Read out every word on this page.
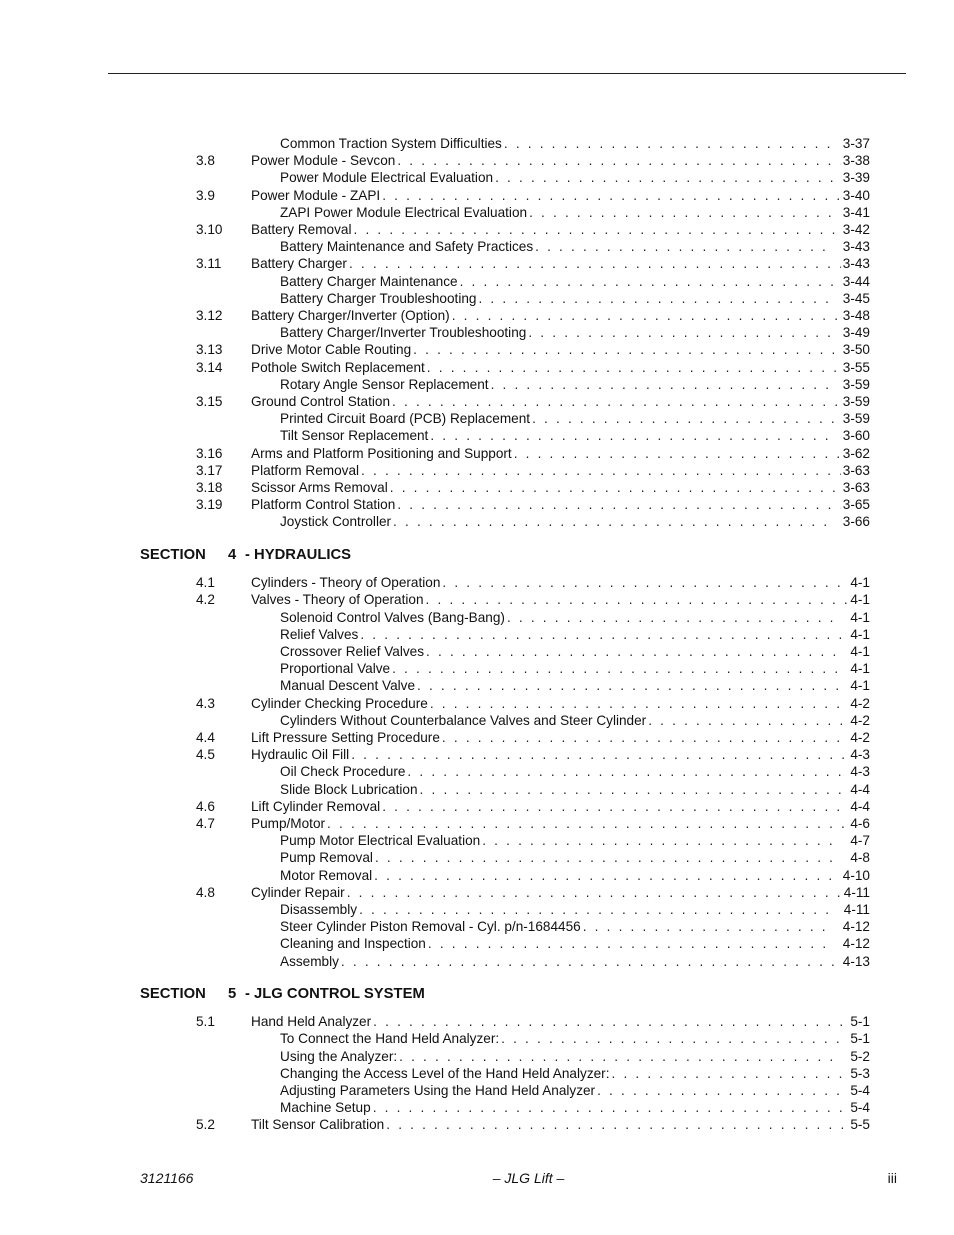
Common Traction System Difficulties . . .	3-37
3.8	Power Module - Sevcon . . .	3-38
Power Module Electrical Evaluation . . .	3-39
3.9	Power Module - ZAPI . . .	3-40
ZAPI Power Module Electrical Evaluation . . .	3-41
3.10 Battery Removal . . .	3-42
Battery Maintenance and Safety Practices . . .	3-43
3.11 Battery Charger . . .	3-43
Battery Charger Maintenance . . .	3-44
Battery Charger Troubleshooting . . .	3-45
3.12 Battery Charger/Inverter (Option) . . .	3-48
Battery Charger/Inverter Troubleshooting . . .	3-49
3.13 Drive Motor Cable Routing . . .	3-50
3.14 Pothole Switch Replacement . . .	3-55
Rotary Angle Sensor Replacement . . .	3-59
3.15 Ground Control Station . . .	3-59
Printed Circuit Board (PCB) Replacement . . .	3-59
Tilt Sensor Replacement . . .	3-60
3.16 Arms and Platform Positioning and Support . . .	3-62
3.17 Platform Removal . . .	3-63
3.18 Scissor Arms Removal . . .	3-63
3.19 Platform Control Station . . .	3-65
Joystick Controller . . .	3-66
SECTION 4 - HYDRAULICS
4.1	Cylinders - Theory of Operation . . .	4-1
4.2	Valves - Theory of Operation . . .	4-1
Solenoid Control Valves (Bang-Bang) . . .	4-1
Relief Valves . . .	4-1
Crossover Relief Valves . . .	4-1
Proportional Valve . . .	4-1
Manual Descent Valve . . .	4-1
4.3	Cylinder Checking Procedure . . .	4-2
Cylinders Without Counterbalance Valves and Steer Cylinder . . .	4-2
4.4	Lift Pressure Setting Procedure . . .	4-2
4.5	Hydraulic Oil Fill . . .	4-3
Oil Check Procedure . . .	4-3
Slide Block Lubrication . . .	4-4
4.6	Lift Cylinder Removal . . .	4-4
4.7	Pump/Motor . . .	4-6
Pump Motor Electrical Evaluation . . .	4-7
Pump Removal . . .	4-8
Motor Removal . . .	4-10
4.8	Cylinder Repair . . .	4-11
Disassembly . . .	4-11
Steer Cylinder Piston Removal - Cyl. p/n-1684456 . . .	4-12
Cleaning and Inspection . . .	4-12
Assembly . . .	4-13
SECTION 5 - JLG CONTROL SYSTEM
5.1	Hand Held Analyzer . . .	5-1
To Connect the Hand Held Analyzer: . . .	5-1
Using the Analyzer: . . .	5-2
Changing the Access Level of the Hand Held Analyzer: . . .	5-3
Adjusting Parameters Using the Hand Held Analyzer . . .	5-4
Machine Setup . . .	5-4
5.2	Tilt Sensor Calibration . . .	5-5
3121166	– JLG Lift –	iii
